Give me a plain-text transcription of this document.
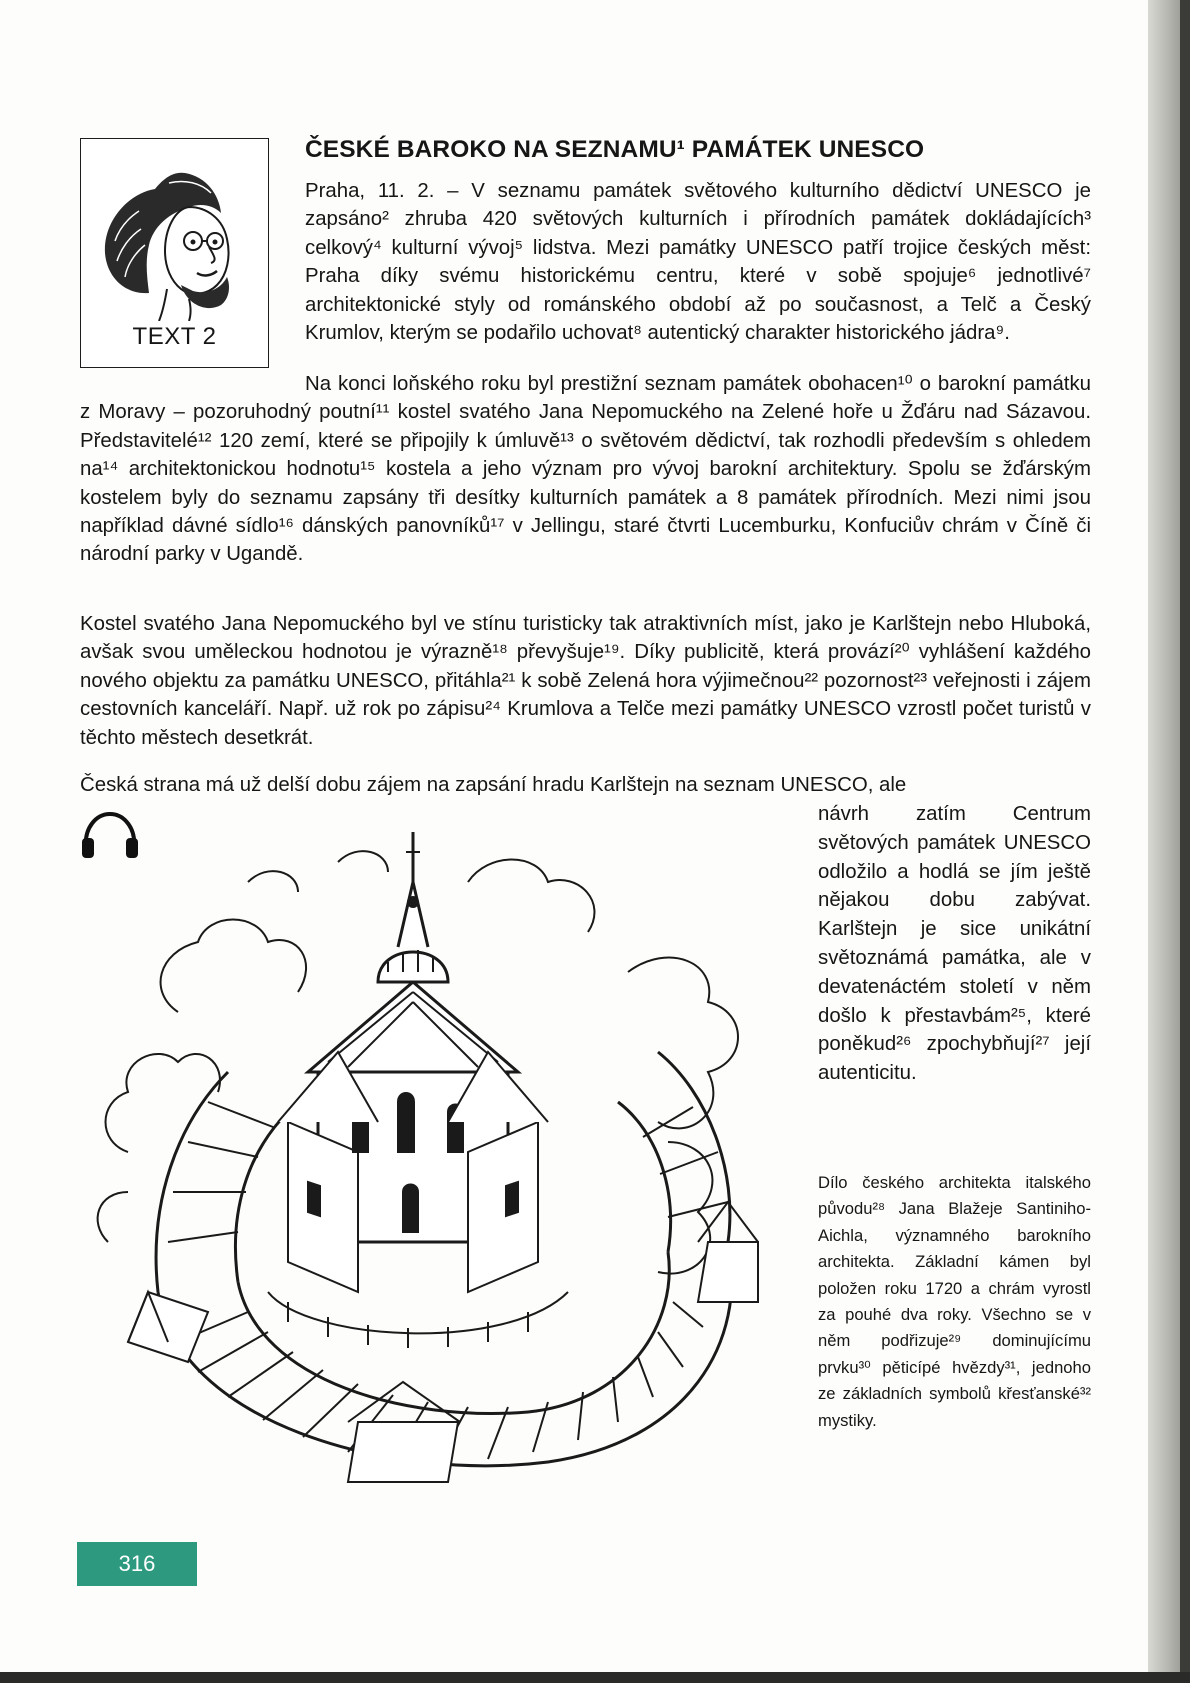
TEXT 2
ČESKÉ BAROKO NA SEZNAMU¹ PAMÁTEK UNESCO
Praha, 11. 2. – V seznamu památek světového kulturního dědictví UNESCO je zapsáno² zhruba 420 světových kulturních i přírodních památek dokládajících³ celkový⁴ kulturní vývoj⁵ lidstva. Mezi památky UNESCO patří trojice českých měst: Praha díky svému historickému centru, které v sobě spojuje⁶ jednotlivé⁷ architektonické styly od románského období až po současnost, a Telč a Český Krumlov, kterým se podařilo uchovat⁸ autentický charakter historického jádra⁹.
Na konci loňského roku byl prestižní seznam památek obohacen¹⁰ o barokní památku z Moravy – pozoruhodný poutní¹¹ kostel svatého Jana Nepomuckého na Zelené hoře u Žďáru nad Sázavou. Představitelé¹² 120 zemí, které se připojily k úmluvě¹³ o světovém dědictví, tak rozhodli především s ohledem na¹⁴ architektonickou hodnotu¹⁵ kostela a jeho význam pro vývoj barokní architektury. Spolu se žďárským kostelem byly do seznamu zapsány tři desítky kulturních památek a 8 památek přírodních. Mezi nimi jsou například dávné sídlo¹⁶ dánských panovníků¹⁷ v Jellingu, staré čtvrti Lucemburku, Konfuciův chrám v Číně či národní parky v Ugandě.
Kostel svatého Jana Nepomuckého byl ve stínu turisticky tak atraktivních míst, jako je Karlštejn nebo Hluboká, avšak svou uměleckou hodnotou je výrazně¹⁸ převyšuje¹⁹. Díky publicitě, která provází²⁰ vyhlášení každého nového objektu za památku UNESCO, přitáhla²¹ k sobě Zelená hora výjimečnou²² pozornost²³ veřejnosti i zájem cestovních kanceláří. Např. už rok po zápisu²⁴ Krumlova a Telče mezi památky UNESCO vzrostl počet turistů v těchto městech desetkrát.
Česká strana má už delší dobu zájem na zapsání hradu Karlštejn na seznam UNESCO, ale
návrh zatím Centrum světových památek UNESCO odložilo a hodlá se jím ještě nějakou dobu zabývat. Karlštejn je sice unikátní světoznámá památka, ale v devatenáctém století v něm došlo k přestavbám²⁵, které poněkud²⁶ zpochybňují²⁷ její autenticitu.
Dílo českého architekta italského původu²⁸ Jana Blažeje Santiniho-Aichla, významného barokního architekta. Základní kámen byl položen roku 1720 a chrám vyrostl za pouhé dva roky. Všechno se v něm podřizuje²⁹ dominujícímu prvku³⁰ pěticípé hvězdy³¹, jednoho ze základních symbolů křesťanské³² mystiky.
316
